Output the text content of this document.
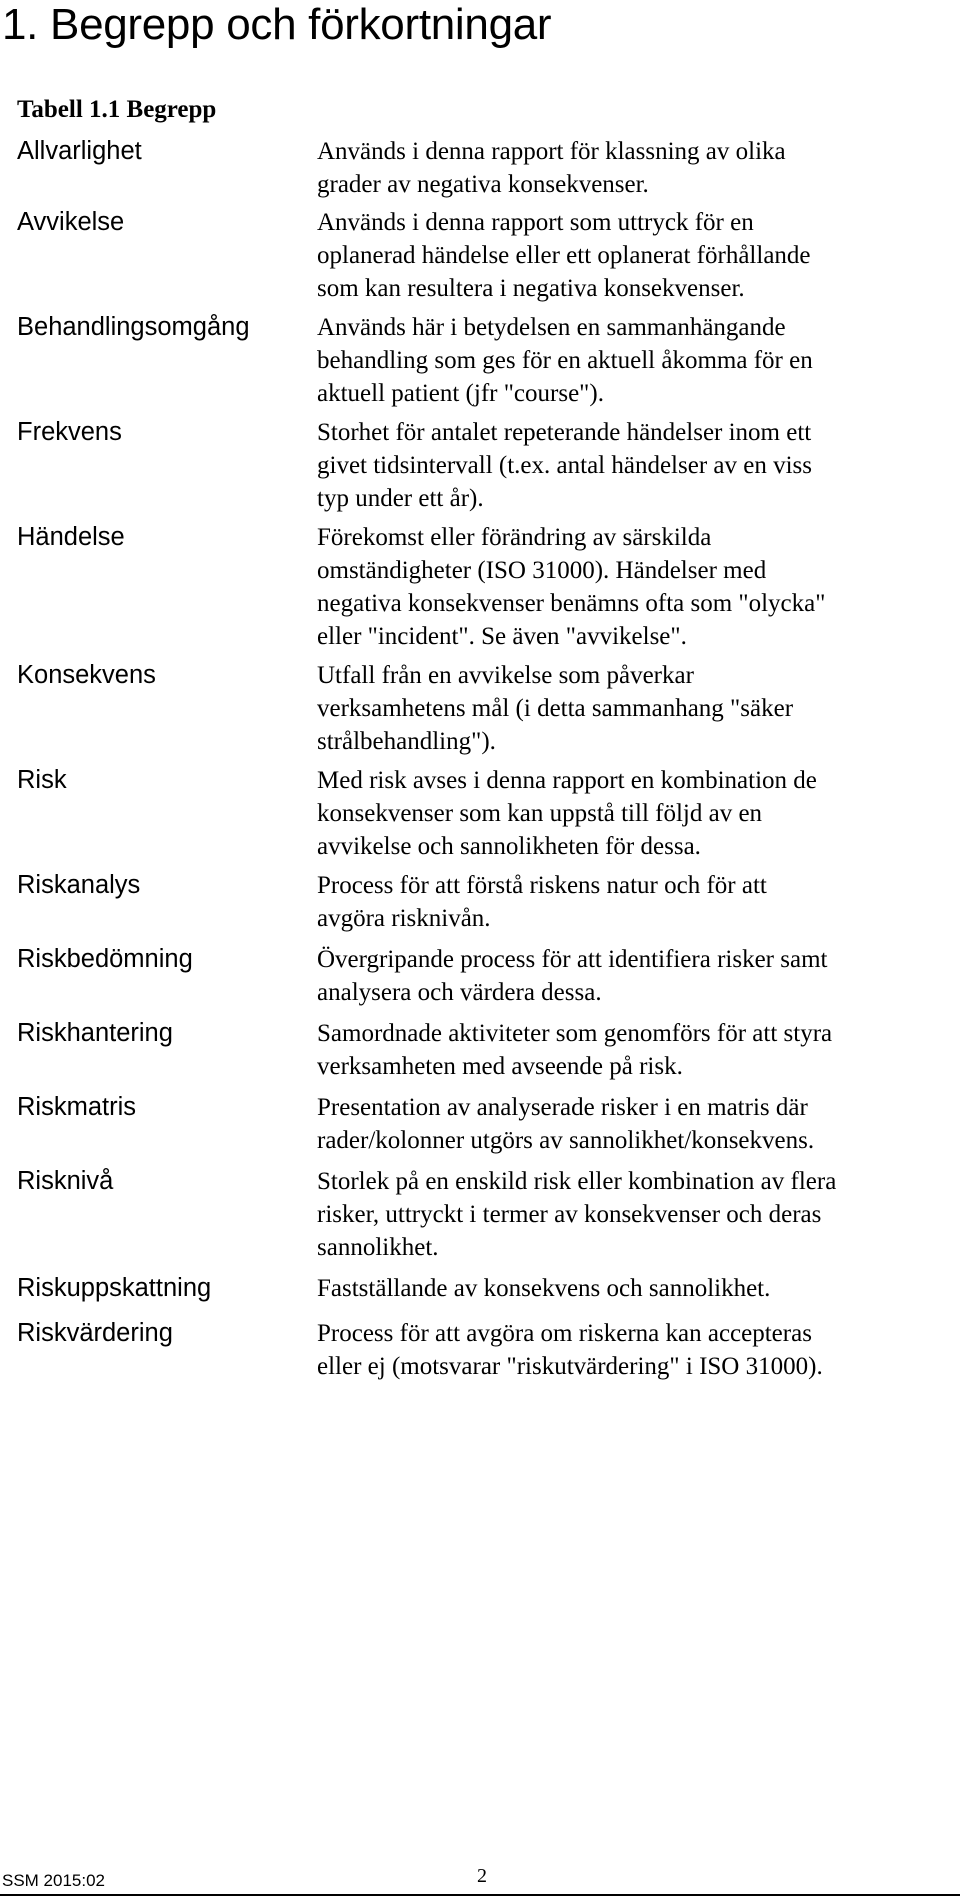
1. Begrepp och förkortningar
Tabell 1.1 Begrepp
Allvarlighet	Används i denna rapport för klassning av olika
grader av negativa konsekvenser.
Avvikelse	Används i denna rapport som uttryck för en
oplanerad händelse eller ett oplanerat förhållande
som kan resultera i negativa konsekvenser.
Behandlingsomgång	Används här i betydelsen en sammanhängande
behandling som ges för en aktuell åkomma för en
aktuell patient (jfr "course").
Frekvens	Storhet för antalet repeterande händelser inom ett
givet tidsintervall (t.ex. antal händelser av en viss
typ under ett år).
Händelse	Förekomst eller förändring av särskilda
omständigheter (ISO 31000). Händelser med
negativa konsekvenser benämns ofta som "olycka"
eller "incident". Se även "avvikelse".
Konsekvens	Utfall från en avvikelse som påverkar
verksamhetens mål (i detta sammanhang "säker
strålbehandling").
Risk	Med risk avses i denna rapport en kombination de
konsekvenser som kan uppstå till följd av en
avvikelse och sannolikheten för dessa.
Riskanalys	Process för att förstå riskens natur och för att
avgöra risknivån.
Riskbedömning	Övergripande process för att identifiera risker samt
analysera och värdera dessa.
Riskhantering	Samordnade aktiviteter som genomförs för att styra
verksamheten med avseende på risk.
Riskmatris	Presentation av analyserade risker i en matris där
rader/kolonner utgörs av sannolikhet/konsekvens.
Risknivå	Storlek på en enskild risk eller kombination av flera
risker, uttryckt i termer av konsekvenser och deras
sannolikhet.
Riskuppskattning	Fastställande av konsekvens och sannolikhet.
Riskvärdering	Process för att avgöra om riskerna kan accepteras
eller ej (motsvarar "riskutvärdering" i ISO 31000).
SSM 2015:02	2
